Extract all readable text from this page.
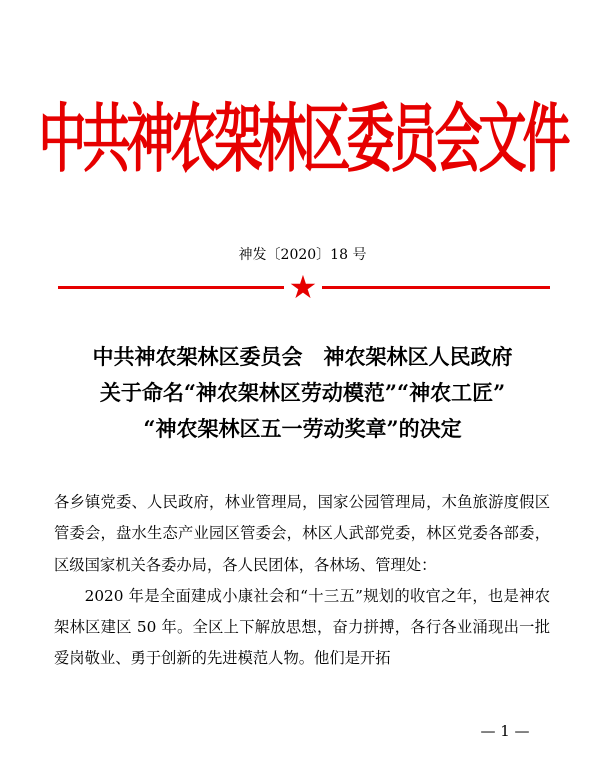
中共神农架林区委员会文件
神发〔2020〕18 号
★
中共神农架林区委员会　神农架林区人民政府
关于命名“神农架林区劳动模范”“神农工匠”
“神农架林区五一劳动奖章”的决定

各乡镇党委、人民政府，林业管理局，国家公园管理局，木鱼旅游度假区管委会，盘水生态产业园区管委会，林区人武部党委，林区党委各部委，区级国家机关各委办局，各人民团体，各林场、管理处：

2020 年是全面建成小康社会和“十三五”规划的收官之年，也是神农架林区建区 50 年。全区上下解放思想，奋力拼搏，各行各业涌现出一批爱岗敬业、勇于创新的先进模范人物。他们是开拓

— 1 —
